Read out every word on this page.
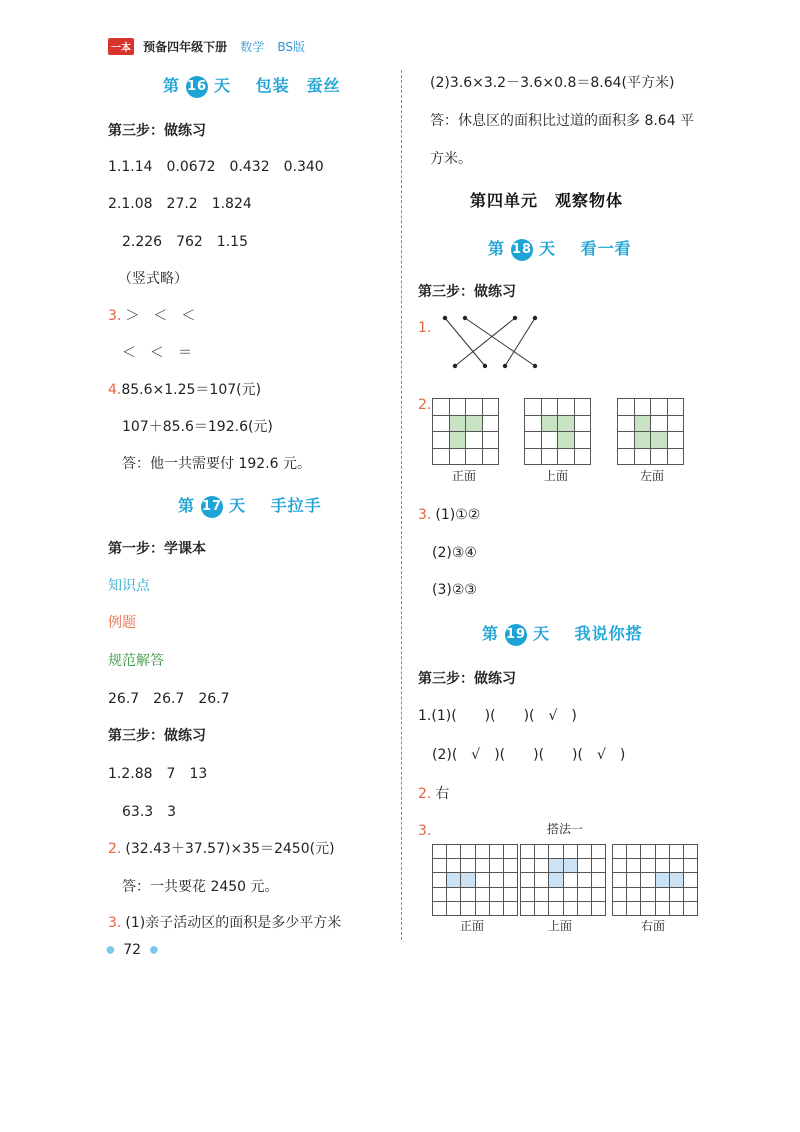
一本 预备四年级下册 数学 BS版
第 16 天 包装　蚕丝
第三步：做练习
1.1.14　0.0672　0.432　0.340
2.1.08　27.2　1.824
2.226　762　1.15
（竖式略）
3. ＞　＜　＜
＜　＜　＝
4.85.6×1.25＝107(元)
107＋85.6＝192.6(元)
答：他一共需要付 192.6 元。
第 17 天 手拉手
第一步：学课本
知识点
例题
规范解答
26.7　26.7　26.7
第三步：做练习
1.2.88　7　13
63.3　3
2. (32.43＋37.57)×35＝2450(元)
答：一共要花 2450 元。
3. (1)亲子活动区的面积是多少平方米
(2)3.6×3.2－3.6×0.8＝8.64(平方米)
答：休息区的面积比过道的面积多 8.64 平
方米。
第四单元　观察物体
第 18 天 看一看
第三步：做练习
1.
2.
正面	上面	左面
3. (1)①②
(2)③④
(3)②③
第 19 天 我说你搭
第三步：做练习
1.(1)(　　)(　　)(　√　)
(2)(　√　)(　　)(　　)(　√　)
2. 右
3.	搭法一
正面	上面	右面
● 72 ●
